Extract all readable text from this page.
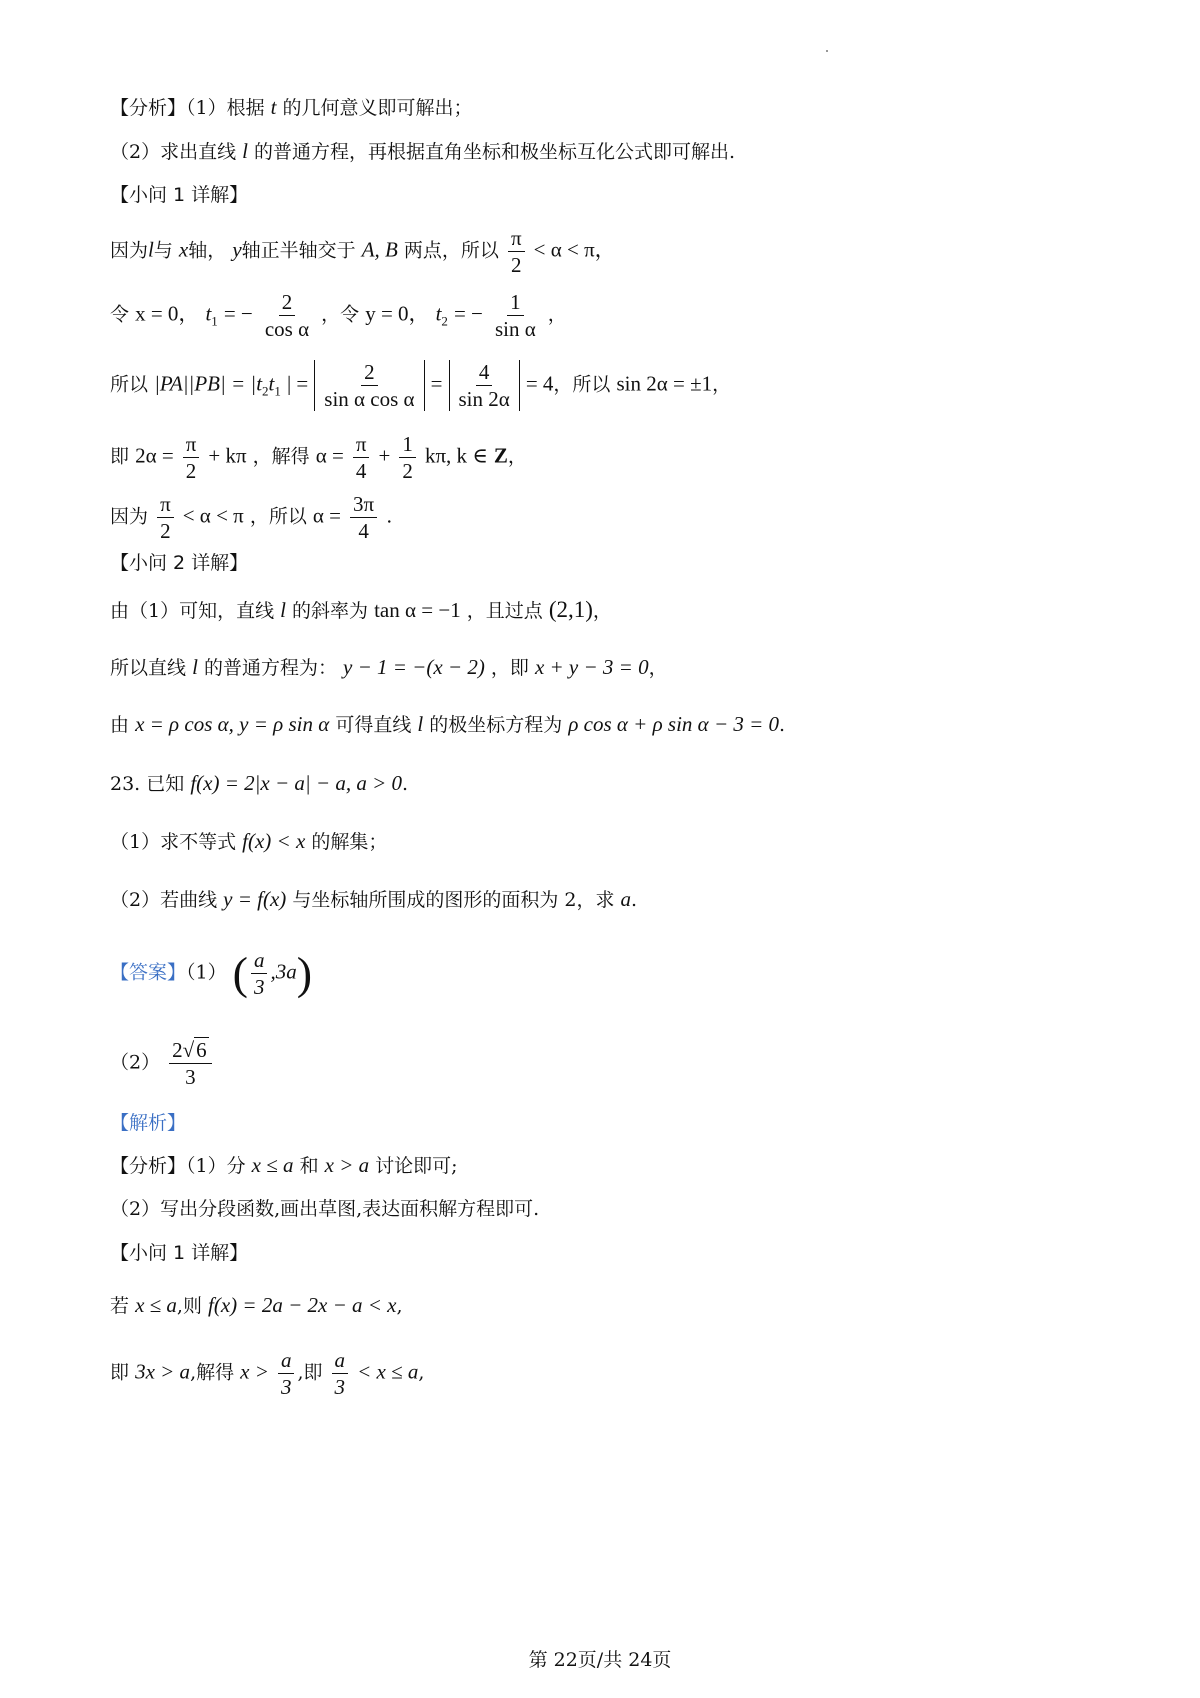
【分析】（1）根据 t 的几何意义即可解出；
（2）求出直线 l 的普通方程，再根据直角坐标和极坐标互化公式即可解出.
【小问 1 详解】
因为l与 x轴， y轴正半轴交于 A, B 两点，所以 $\frac{\pi}{2} < \alpha < \pi$，
令 x = 0， $t_1$ = − $\frac{2}{\text{cos α}}$ ，令 y = 0， $t_2$ = − $\frac{1}{\text{sin α}}$ ，
所以 $|PA||PB| = |t_2t_1$ | = $\frac{2}{\text{sin α cos α}} = \frac{4}{\sin 2\alpha} = 4$，所以 sin 2α = ±1，
即 $2\alpha = \frac{\pi}{2} + k\pi$ ，解得 $\alpha = \frac{\pi}{4} + \frac{1}{2} k\pi$, k ∈ Z，
因为 $\frac{\pi}{2} < \alpha < \pi$ ，所以 $\alpha = \frac{3\pi}{4}$ .
【小问 2 详解】
由（1）可知，直线 l 的斜率为 tan α = −1 ，且过点 (2,1)，
所以直线 l 的普通方程为： y − 1 = −(x − 2) ，即 x + y − 3 = 0，
由 x = ρ cos α, y = ρ sin α 可得直线 l 的极坐标方程为 ρ cos α + ρ sin α − 3 = 0.
23. 已知 f(x) = 2|x − a| − a, a > 0.
（1）求不等式 f(x) < x 的解集；
（2）若曲线 y = f(x) 与坐标轴所围成的图形的面积为 2，求 a.
【答案】（1） ( $\frac{a}{3} ,3a$)
$(2) \frac{2√6}{3}$
【解析】
【分析】（1）分 x ≤ a 和 x > a 讨论即可;
（2）写出分段函数,画出草图,表达面积解方程即可.
【小问 1 详解】
若 x ≤ a,则 f(x) = 2a − 2x − a < x,
即 3x > a,解得 $x > \frac{a}{3}$ ,即 $\frac{a}{3} < x \le a$,
第 22页/共 24页
